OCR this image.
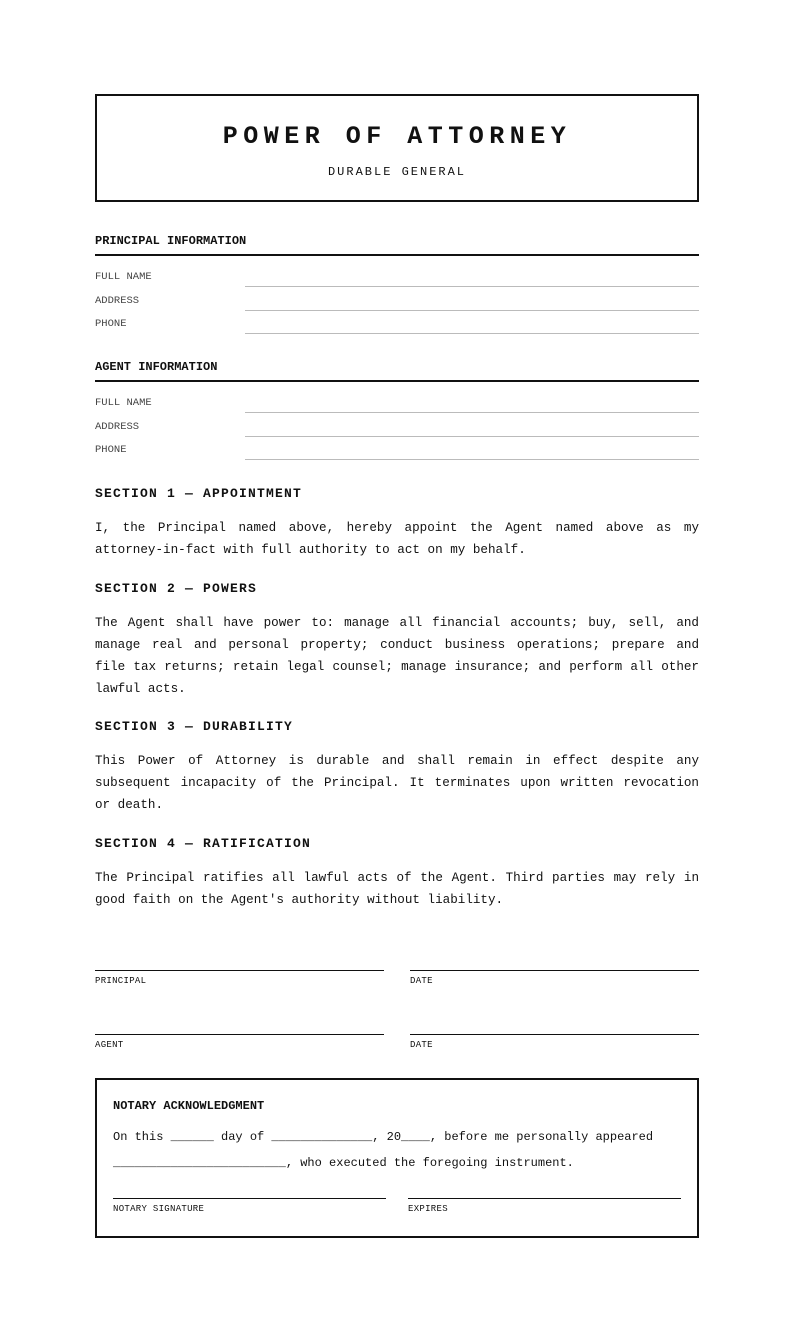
POWER OF ATTORNEY
DURABLE GENERAL
PRINCIPAL INFORMATION
FULL NAME
ADDRESS
PHONE
AGENT INFORMATION
FULL NAME
ADDRESS
PHONE
SECTION 1 — APPOINTMENT
I, the Principal named above, hereby appoint the Agent named above as my attorney-in-fact with full authority to act on my behalf.
SECTION 2 — POWERS
The Agent shall have power to: manage all financial accounts; buy, sell, and manage real and personal property; conduct business operations; prepare and file tax returns; retain legal counsel; manage insurance; and perform all other lawful acts.
SECTION 3 — DURABILITY
This Power of Attorney is durable and shall remain in effect despite any subsequent incapacity of the Principal. It terminates upon written revocation or death.
SECTION 4 — RATIFICATION
The Principal ratifies all lawful acts of the Agent. Third parties may rely in good faith on the Agent's authority without liability.
PRINCIPAL	DATE
AGENT	DATE
NOTARY ACKNOWLEDGMENT
On this ______ day of ______________, 20____, before me personally appeared ________________________, who executed the foregoing instrument.
NOTARY SIGNATURE	EXPIRES
